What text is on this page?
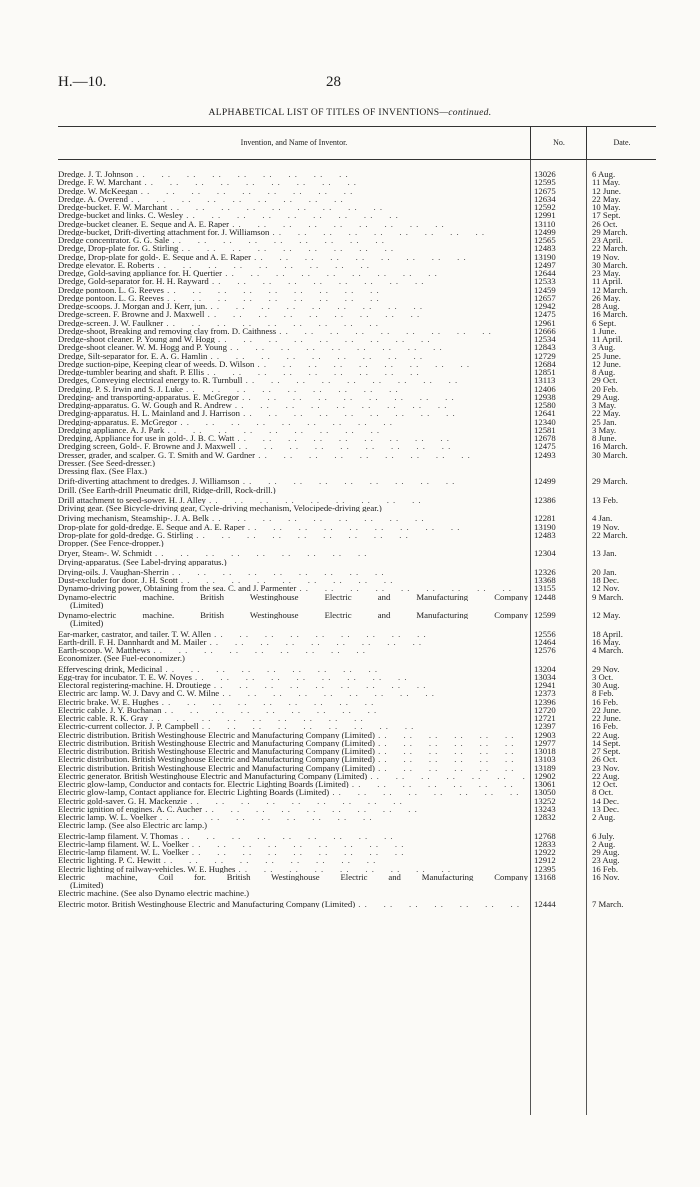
H.—10.	28
ALPHABETICAL LIST OF TITLES OF INVENTIONS—continued.
Invention, and Name of Inventor.	No.	Date.
Dredge. J. T. Johnson . .	13026	6 Aug.
Dredge. F. W. Marchant . .	12595	11 May.
Dredge. W. McKeegan . .	12675	12 June.
Dredge. A. Overend . .	12634	22 May.
Dredge-bucket. F. W. Marchant . .	12592	10 May.
Dredge-bucket and links. C. Wesley . .	12991	17 Sept.
Dredge-bucket cleaner. E. Seque and A. E. Raper . .	13110	26 Oct.
Dredge-bucket, Drift-diverting attachment for. J. Williamson . .	12499	29 March.
Dredge concentrator. G. G. Sale . .	12565	23 April.
Dredge, Drop-plate for. G. Stirling . .	12483	22 March.
Dredge, Drop-plate for gold-. E. Seque and A. E. Raper . .	13190	19 Nov.
Dredge elevator. E. Roberts . .	12497	30 March.
Dredge, Gold-saving appliance for. H. Quertier . .	12644	23 May.
Dredge, Gold-separator for. H. H. Rayward . .	12533	11 April.
Dredge pontoon. L. G. Reeves . .	12459	12 March.
Dredge pontoon. L. G. Reeves . .	12657	26 May.
Dredge-scoops. J. Morgan and J. Kerr, jun. . .	12942	28 Aug.
Dredge-screen. F. Browne and J. Maxwell . .	12475	16 March.
Dredge-screen. J. W. Faulkner . .	12961	6 Sept.
Dredge-shoot, Breaking and removing clay from. D. Caithness . .	12666	1 June.
Dredge-shoot cleaner. P. Young and W. Hogg . .	12534	11 April.
Dredge-shoot cleaner. W. M. Hogg and P. Young . .	12843	3 Aug.
Dredge, Silt-separator for. E. A. G. Hamlin . .	12729	25 June.
Dredge suction-pipe, Keeping clear of weeds. D. Wilson . .	12684	12 June.
Dredge-tumbler bearing and shaft. P. Ellis . .	12851	8 Aug.
Dredges, Conveying electrical energy to. R. Turnbull . .	13113	29 Oct.
Dredging. P. S. Irwin and S. J. Luke . .	12406	20 Feb.
Dredging- and transporting-apparatus. E. McGregor . .	12938	29 Aug.
Dredging-apparatus. G. W. Gough and R. Andrew . .	12580	3 May.
Dredging-apparatus. H. L. Mainland and J. Harrison . .	12641	22 May.
Dredging-apparatus. E. McGregor . .	12340	25 Jan.
Dredging appliance. A. J. Park . .	12581	3 May.
Dredging, Appliance for use in gold-. J. B. C. Watt . .	12678	8 June.
Dredging screen, Gold-. F. Browne and J. Maxwell . .	12475	16 March.
Dresser, grader, and scalper. G. T. Smith and W. Gardner . .	12493	30 March.
Dresser. (See Seed-dresser.)
Dressing flax. (See Flax.)
Drift-diverting attachment to dredges. J. Williamson . .	12499	29 March.
Drill. (See Earth-drill Pneumatic drill, Ridge-drill, Rock-drill.)
Drill attachment to seed-sower. H. J. Alley . .	12386	13 Feb.
Driving gear. (See Bicycle-driving gear, Cycle-driving mechanism, Velocipede-driving gear.)
Driving mechanism, Steamship-. J. A. Belk . .	12281	4 Jan.
Drop-plate for gold-dredge. E. Seque and A. E. Raper . .	13190	19 Nov.
Drop-plate for gold-dredge. G. Stirling . .	12483	22 March.
Dropper. (See Fence-dropper.)
Dryer, Steam-. W. Schmidt . .	12304	13 Jan.
Drying-apparatus. (See Label-drying apparatus.)
Drying-oils. J. Vaughan-Sherrin . .	12326	20 Jan.
Dust-excluder for door. J. H. Scott . .	13368	18 Dec.
Dynamo-driving power, Obtaining from the sea. C. and J. Parmenter . .	13155	12 Nov.
Dynamo-electric machine. British Westinghouse Electric and Manufacturing Company 12448	9 March.
(Limited)
Dynamo-electric machine. British Westinghouse Electric and Manufacturing Company 12599	12 May.
(Limited)
Ear-marker, castrator, and tailer. T. W. Allen . .	12556	18 April.
Earth-drill. F. H. Dannhardt and M. Mailer . .	12464	16 May.
Earth-scoop. W. Matthews . .	12576	4 March.
Economizer. (See Fuel-economizer.)
Effervescing drink, Medicinal . .	13204	29 Nov.
Egg-tray for incubator. T. E. W. Noyes . .	13034	3 Oct.
Electoral registering-machine. H. Droutiege . .	12941	30 Aug.
Electric arc lamp. W. J. Davy and C. W. Milne . .	12373	8 Feb.
Electric brake. W. E. Hughes . .	12396	16 Feb.
Electric cable. J. Y. Buchanan . .	12720	22 June.
Electric cable. R. K. Gray . .	12721	22 June.
Electric-current collector. J. P. Campbell . .	12397	16 Feb.
Electric distribution. British Westinghouse Electric and Manufacturing Company (Limited) . .	12903	22 Aug.
Electric distribution. British Westinghouse Electric and Manufacturing Company (Limited) . .	12977	14 Sept.
Electric distribution. British Westinghouse Electric and Manufacturing Company (Limited) . .	13018	27 Sept.
Electric distribution. British Westinghouse Electric and Manufacturing Company (Limited) . .	13103	26 Oct.
Electric distribution. British Westinghouse Electric and Manufacturing Company (Limited) . .	13189	23 Nov.
Electric generator. British Westinghouse Electric and Manufacturing Company (Limited) . .	12902	22 Aug.
Electric glow-lamp, Conductor and contacts for. Electric Lighting Boards (Limited) . .	13061	12 Oct.
Electric glow-lamp, Contact appliance for. Electric Lighting Boards (Limited) . .	13050	8 Oct.
Electric gold-saver. G. H. Mackenzie . .	13252	14 Dec.
Electric ignition of engines. A. C. Aucher . .	13243	13 Dec.
Electric lamp. W. L. Voelker . .	12832	2 Aug.
Electric lamp. (See also Electric arc lamp.)
Electric-lamp filament. V. Thomas . .	12768	6 July.
Electric-lamp filament. W. L. Voelker . .	12833	2 Aug.
Electric-lamp filament. W. L. Voelker . .	12922	29 Aug.
Electric lighting. P. C. Hewitt . .	12912	23 Aug.
Electric lighting of railway-vehicles. W. E. Hughes . .	12395	16 Feb.
Electric machine, Coil for. British Westinghouse Electric and Manufacturing Company 13168	16 Nov.
(Limited)
Electric machine. (See also Dynamo electric machine.)
Electric motor. British Westinghouse Electric and Manufacturing Company (Limited) . .	12444	7 March.
